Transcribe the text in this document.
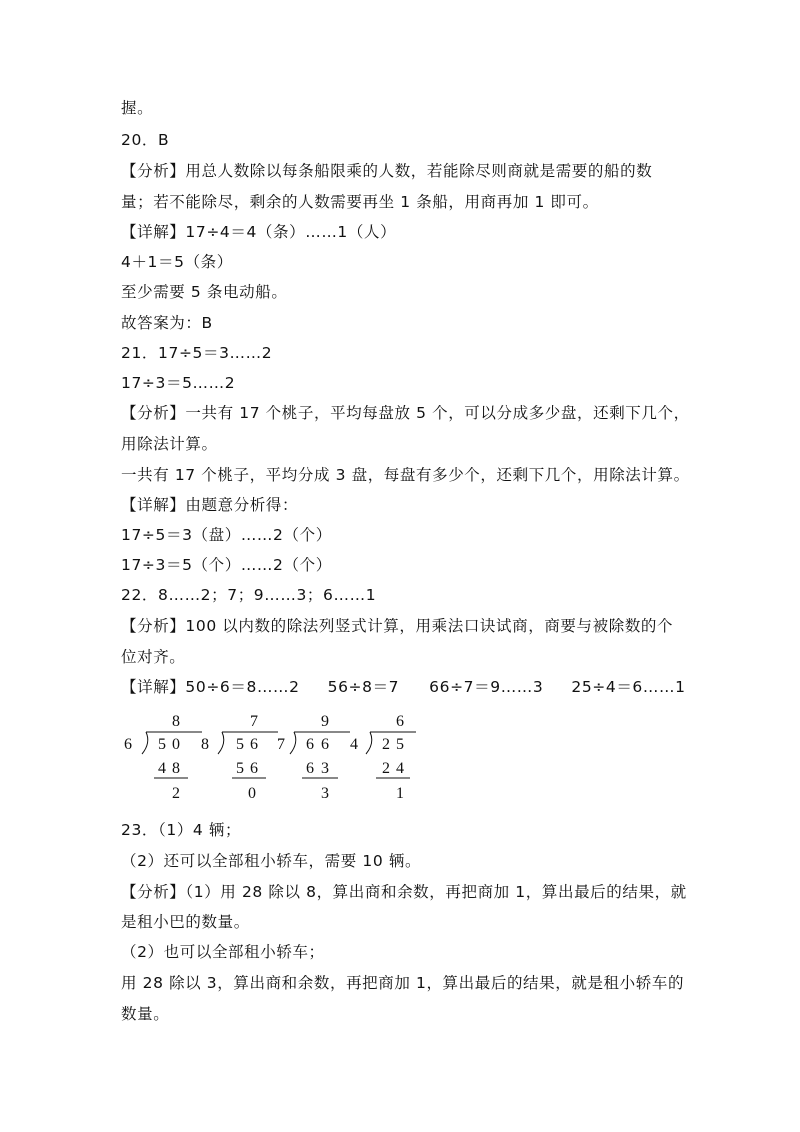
握。
20．B
【分析】用总人数除以每条船限乘的人数，若能除尽则商就是需要的船的数
量；若不能除尽，剩余的人数需要再坐 1 条船，用商再加 1 即可。
【详解】17÷4＝4（条）……1（人）
4＋1＝5（条）
至少需要 5 条电动船。
故答案为：B
21．17÷5＝3……2
17÷3＝5……2
【分析】一共有 17 个桃子，平均每盘放 5 个，可以分成多少盘，还剩下几个，
用除法计算。
一共有 17 个桃子，平均分成 3 盘，每盘有多少个，还剩下几个，用除法计算。
【详解】由题意分析得：
17÷5＝3（盘）……2（个）
17÷3＝5（个）……2（个）
22．8……2；7；9……3；6……1
【分析】100 以内数的除法列竖式计算，用乘法口诀试商，商要与被除数的个
位对齐。
【详解】50÷6＝8……2 56÷8＝7 66÷7＝9……3 25÷4＝6……1
8
6 5 0
4 8
2
7
8 5 6
5 6
0
9
7 6 6
6 3
3
6
4 2 5
2 4
1
23．（1）4 辆；
（2）还可以全部租小轿车，需要 10 辆。
【分析】（1）用 28 除以 8，算出商和余数，再把商加 1，算出最后的结果，就
是租小巴的数量。
（2）也可以全部租小轿车；
用 28 除以 3，算出商和余数，再把商加 1，算出最后的结果，就是租小轿车的
数量。
